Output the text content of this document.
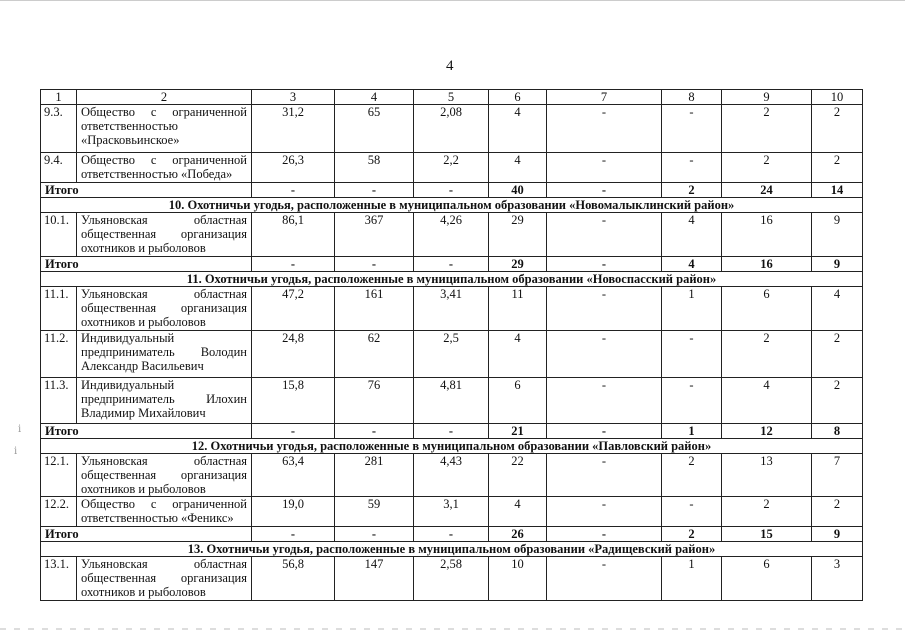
4
1	2	3	4	5	6	7	8	9	10
9.3.	Общество с ограниченной ответственностью «Прасковьинское»	31,2	65	2,08	4	-	-	2	2
9.4.	Общество с ограниченной ответственностью «Победа»	26,3	58	2,2	4	-	-	2	2
Итого		-	-	-	40	-	2	24	14
10. Охотничьи угодья, расположенные в муниципальном образовании «Новомалыклинский район»									
10.1.	Ульяновская областная общественная организация охотников и рыболовов	86,1	367	4,26	29	-	4	16	9
Итого		-	-	-	29	-	4	16	9
11. Охотничьи угодья, расположенные в муниципальном образовании «Новоспасский район»									
11.1.	Ульяновская областная общественная организация охотников и рыболовов	47,2	161	3,41	11	-	1	6	4
11.2.	Индивидуальный предприниматель Володин Александр Васильевич	24,8	62	2,5	4	-	-	2	2
11.3.	Индивидуальный предприниматель Илохин Владимир Михайлович	15,8	76	4,81	6	-	-	4	2
Итого		-	-	-	21	-	1	12	8
12. Охотничьи угодья, расположенные в муниципальном образовании «Павловский район»									
12.1.	Ульяновская областная общественная организация охотников и рыболовов	63,4	281	4,43	22	-	2	13	7
12.2.	Общество с ограниченной ответственностью «Феникс»	19,0	59	3,1	4	-	-	2	2
Итого		-	-	-	26	-	2	15	9
13. Охотничьи угодья, расположенные в муниципальном образовании «Радищевский район»									
13.1.	Ульяновская областная общественная организация охотников и рыболовов	56,8	147	2,58	10	-	1	6	3
ⅰ
ⅰ
